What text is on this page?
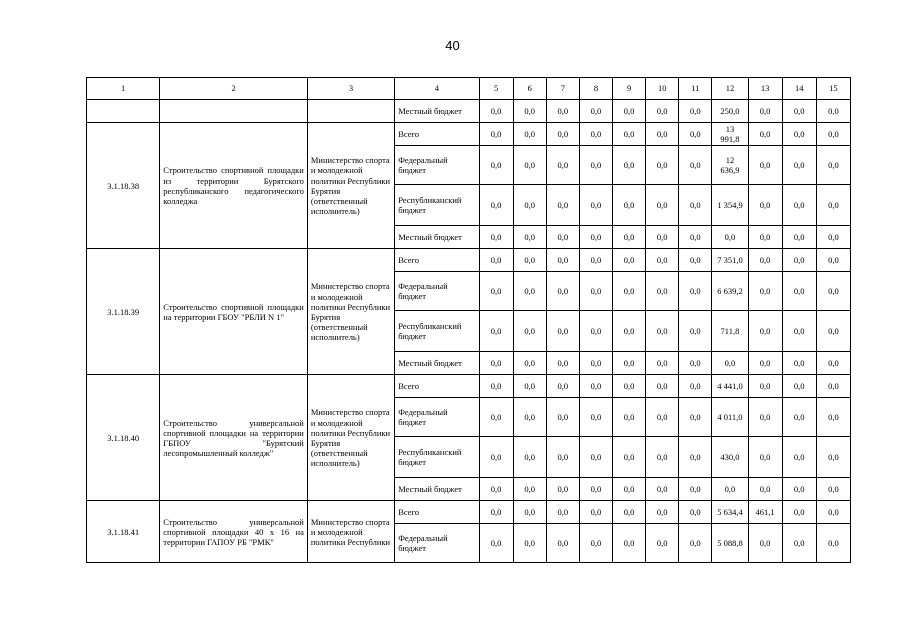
40
1	2	3	4	5	6	7	8	9	10	11	12	13	14	15
			Местный бюджет	0,0	0,0	0,0	0,0	0,0	0,0	0,0	250,0	0,0	0,0	0,0
3.1.18.38	Строительство спортивной площадки из территории Бурятского республиканского педагогического колледжа	Министерство спорта и молодежной политики Республики Бурятия (ответственный исполнитель)	Всего	0,0	0,0	0,0	0,0	0,0	0,0	0,0	13 991,8	0,0	0,0	0,0
			Федеральный бюджет	0,0	0,0	0,0	0,0	0,0	0,0	0,0	12 636,9	0,0	0,0	0,0
			Республиканский бюджет	0,0	0,0	0,0	0,0	0,0	0,0	0,0	1 354,9	0,0	0,0	0,0
			Местный бюджет	0,0	0,0	0,0	0,0	0,0	0,0	0,0	0,0	0,0	0,0	0,0
3.1.18.39	Строительство спортивной площадки на территории ГБОУ "РБЛИ N 1"	Министерство спорта и молодежной политики Республики Бурятия (ответственный исполнитель)	Всего	0,0	0,0	0,0	0,0	0,0	0,0	0,0	7 351,0	0,0	0,0	0,0
			Федеральный бюджет	0,0	0,0	0,0	0,0	0,0	0,0	0,0	6 639,2	0,0	0,0	0,0
			Республиканский бюджет	0,0	0,0	0,0	0,0	0,0	0,0	0,0	711,8	0,0	0,0	0,0
			Местный бюджет	0,0	0,0	0,0	0,0	0,0	0,0	0,0	0,0	0,0	0,0	0,0
3.1.18.40	Строительство универсальной спортивной площадки на территории ГБПОУ "Бурятский лесопромышленный колледж"	Министерство спорта и молодежной политики Республики Бурятия (ответственный исполнитель)	Всего	0,0	0,0	0,0	0,0	0,0	0,0	0,0	4 441,0	0,0	0,0	0,0
			Федеральный бюджет	0,0	0,0	0,0	0,0	0,0	0,0	0,0	4 011,0	0,0	0,0	0,0
			Республиканский бюджет	0,0	0,0	0,0	0,0	0,0	0,0	0,0	430,0	0,0	0,0	0,0
			Местный бюджет	0,0	0,0	0,0	0,0	0,0	0,0	0,0	0,0	0,0	0,0	0,0
3.1.18.41	Строительство универсальной спортивной площадки 40 x 16 на территории ГАПОУ РБ "РМК"	Министерство спорта и молодежной политики Республики	Всего	0,0	0,0	0,0	0,0	0,0	0,0	0,0	5 634,4	461,1	0,0	0,0
			Федеральный бюджет	0,0	0,0	0,0	0,0	0,0	0,0	0,0	5 088,8	0,0	0,0	0,0
